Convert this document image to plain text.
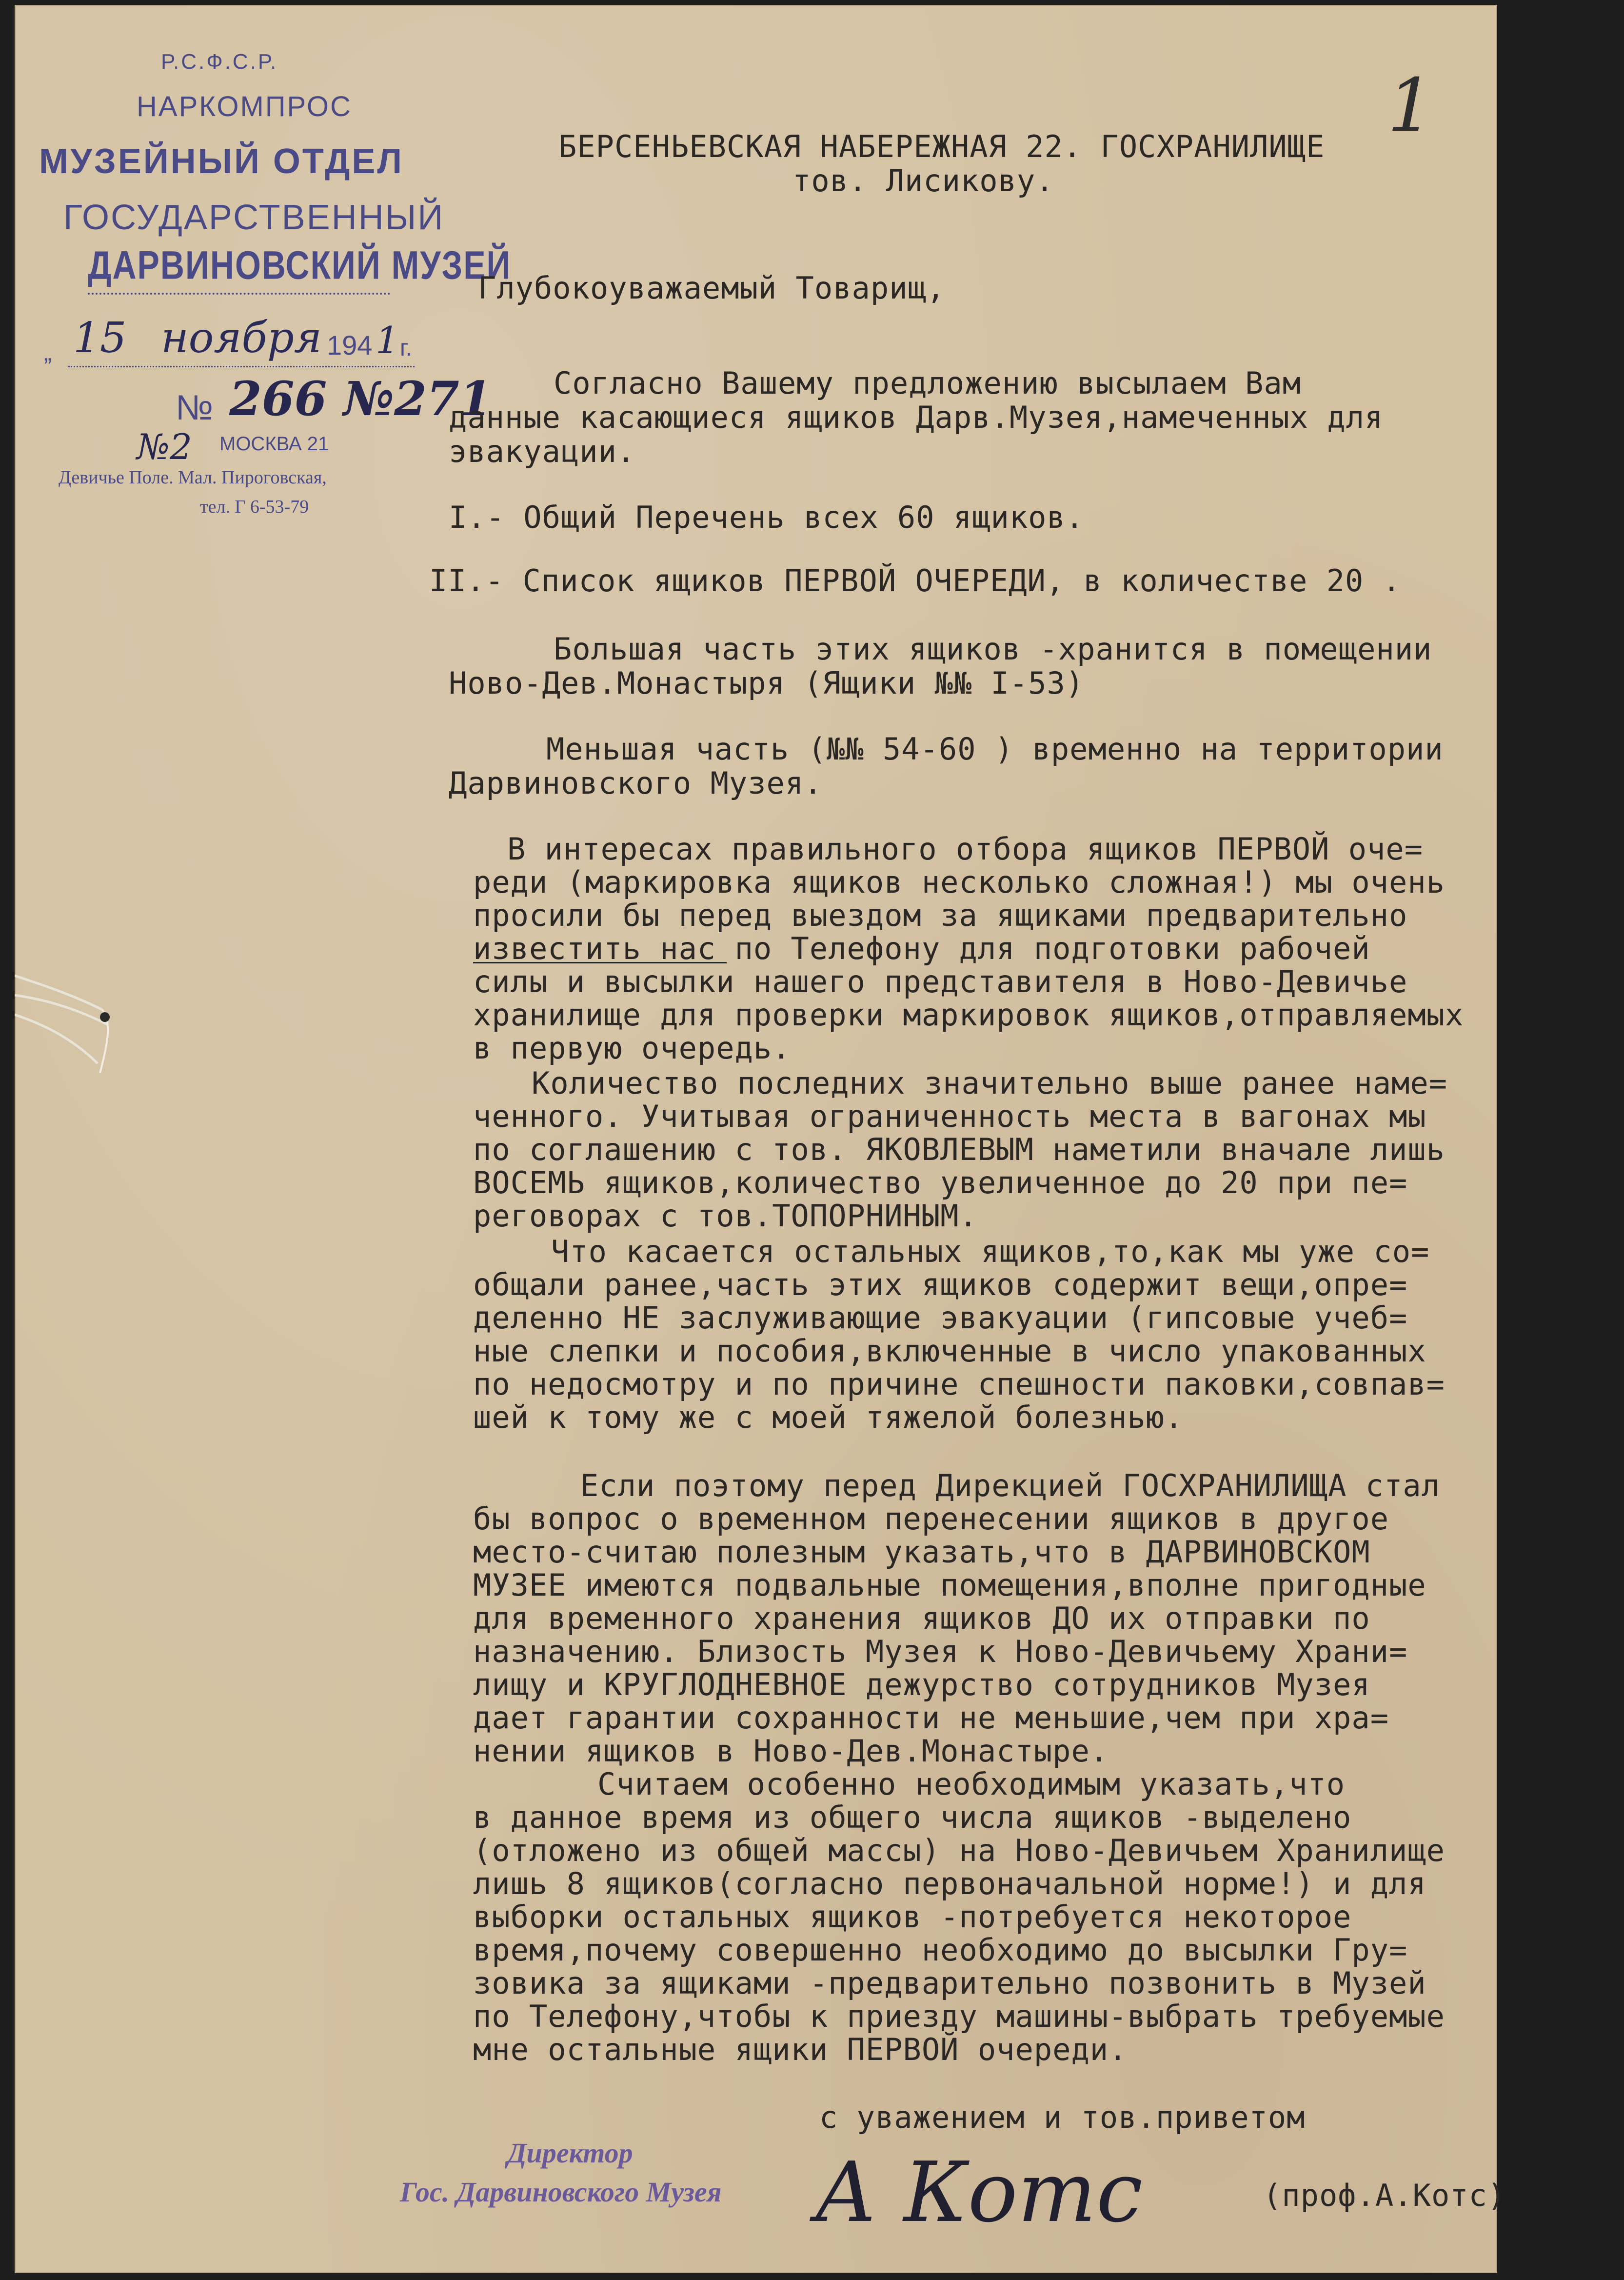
1
Р.С.Ф.С.Р.
НАРКОМПРОС
МУЗЕЙНЫЙ ОТДЕЛ
ГОСУДАРСТВЕННЫЙ
ДАРВИНОВСКИЙ МУЗЕЙ
„ 15 ноября 194 1 г.
№ 266 №271
№2 МОСКВА 21
Девичье Поле. Мал. Пироговская,
тел. Г 6-53-79
БЕРСЕНЬЕВСКАЯ НАБЕРЕЖНАЯ 22. ГОСХРАНИЛИЩЕ
тов. Лисикову.
Глубокоуважаемый Товарищ,
Согласно Вашему предложению высылаем Вам
данные касающиеся ящиков Дарв.Музея,намеченных для
эвакуации.
I.- Общий Перечень всех 60 ящиков.
II.- Список ящиков ПЕРВОЙ ОЧЕРЕДИ, в количестве 20 .
Большая часть этих ящиков -хранится в помещении
Ново-Дев.Монастыря (Ящики №№ I-53)
Меньшая часть (№№ 54-60 ) временно на территории
Дарвиновского Музея.
В интересах правильного отбора ящиков ПЕРВОЙ оче=
реди (маркировка ящиков несколько сложная!) мы очень
просили бы перед выездом за ящиками предварительно
известить нас по Телефону для подготовки рабочей
силы и высылки нашего представителя в Ново-Девичье
хранилище для проверки маркировок ящиков,отправляемых
в первую очередь.
Количество последних значительно выше ранее наме=
ченного. Учитывая ограниченность места в вагонах мы
по соглашению с тов. ЯКОВЛЕВЫМ наметили вначале лишь
ВОСЕМЬ ящиков,количество увеличенное до 20 при пе=
реговорах с тов.ТОПОРНИНЫМ.
Что касается остальных ящиков,то,как мы уже со=
общали ранее,часть этих ящиков содержит вещи,опре=
деленно НЕ заслуживающие эвакуации (гипсовые учеб=
ные слепки и пособия,включенные в число упакованных
по недосмотру и по причине спешности паковки,совпав=
шей к тому же с моей тяжелой болезнью.
Если поэтому перед Дирекцией ГОСХРАНИЛИЩА стал
бы вопрос о временном перенесении ящиков в другое
место-считаю полезным указать,что в ДАРВИНОВСКОМ
МУЗЕЕ имеются подвальные помещения,вполне пригодные
для временного хранения ящиков ДО их отправки по
назначению. Близость Музея к Ново-Девичьему Храни=
лищу и КРУГЛОДНЕВНОЕ дежурство сотрудников Музея
дает гарантии сохранности не меньшие,чем при хра=
нении ящиков в Ново-Дев.Монастыре.
Считаем особенно необходимым указать,что
в данное время из общего числа ящиков -выделено
(отложено из общей массы) на Ново-Девичьем Хранилище
лишь 8 ящиков(согласно первоначальной норме!) и для
выборки остальных ящиков -потребуется некоторое
время,почему совершенно необходимо до высылки Гру=
зовика за ящиками -предварительно позвонить в Музей
по Телефону,чтобы к приезду машины-выбрать требуемые
мне остальные ящики ПЕРВОЙ очереди.
с уважением и тов.приветом
Директор
Гос. Дарвиновского Музея А Котс	(проф.А.Котс)
